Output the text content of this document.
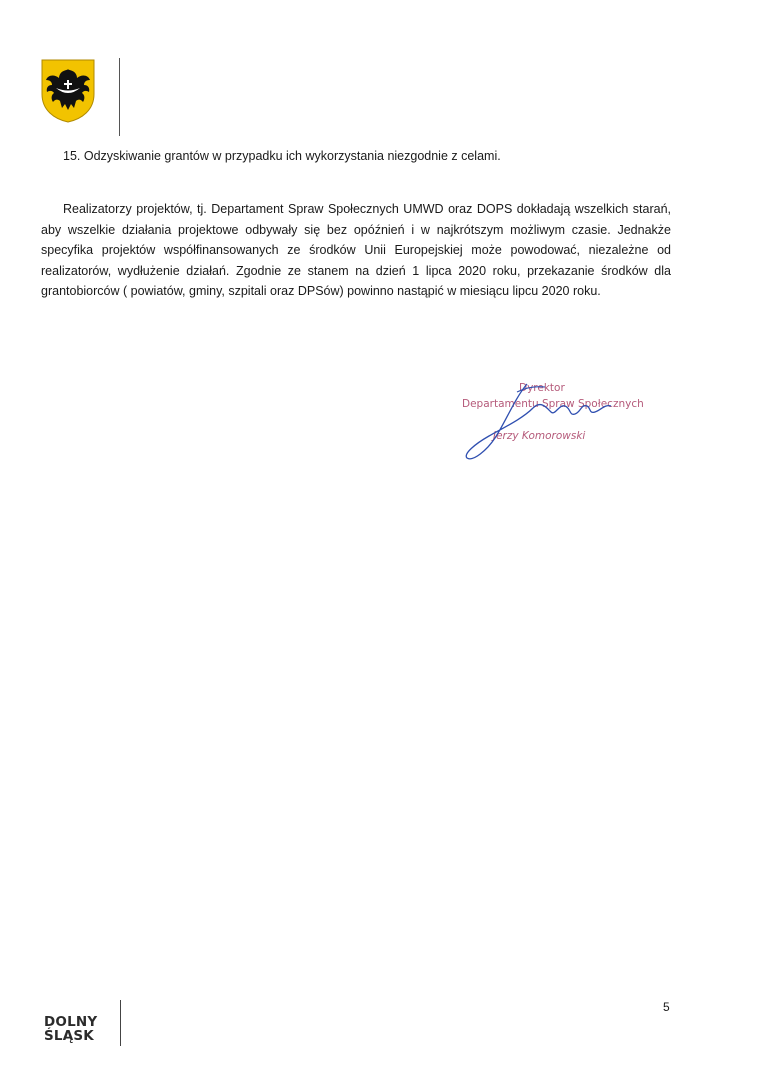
15. Odzyskiwanie grantów w przypadku ich wykorzystania niezgodnie z celami.
Realizatorzy projektów, tj. Departament Spraw Społecznych UMWD oraz DOPS dokładają wszelkich starań, aby wszelkie działania projektowe odbywały się bez opóźnień i w najkrótszym możliwym czasie. Jednakże specyfika projektów współfinansowanych ze środków Unii Europejskiej może powodować, niezależne od realizatorów, wydłużenie działań. Zgodnie ze stanem na dzień 1 lipca 2020 roku, przekazanie środków dla grantobiorców ( powiatów, gminy, szpitali oraz DPSów) powinno nastąpić w miesiącu lipcu 2020 roku.
Dyrektor
Departamentu Spraw Społecznych
Jerzy Komorowski
5
DOLNY
ŚLĄSK
